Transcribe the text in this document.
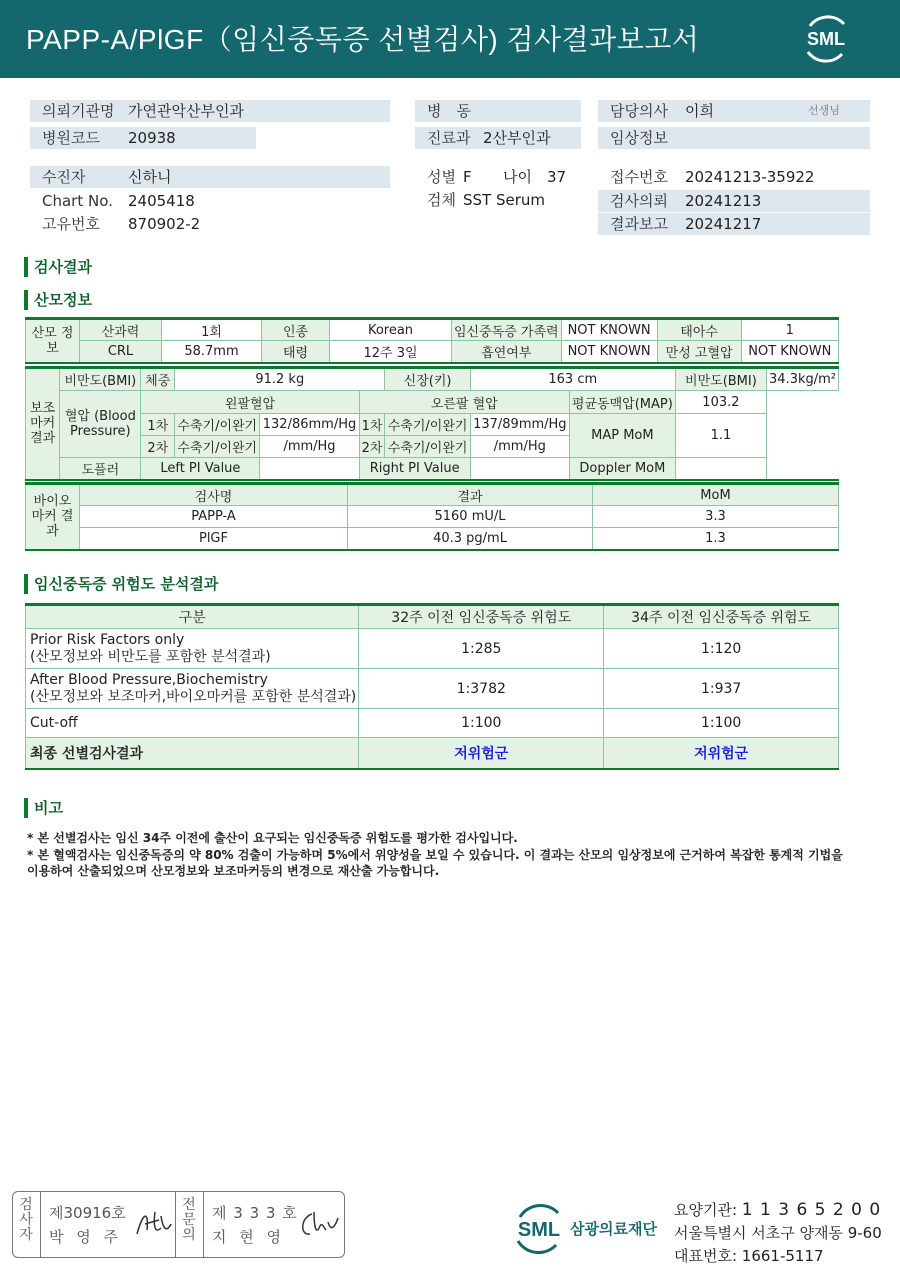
PAPP-A/PlGF（임신중독증 선별검사) 검사결과보고서	SML
의뢰기관명 가연관악산부인과
병원코드 20938
병　동
진료과 2산부인과
담당의사 이희	선생님
임상정보
수진자	신하니
Chart No. 2405418
고유번호 870902-2
성별 F 나이 37
검체 SST Serum
접수번호 20241213-35922
검사의뢰 20241213
결과보고 20241217
검사결과
산모정보
산모 정보	산과력	1회	인종	Korean	임신중독증 가족력	NOT KNOWN	태아수	1
	CRL	58.7mm	태령	12주 3일	흡연여부	NOT KNOWN	만성 고혈압	NOT KNOWN
보조 마커 결과	비만도(BMI)	체중	91.2 kg			신장(키)	163 cm		비만도(BMI)	34.3kg/m²
	혈압 (Blood Pressure)	왼팔혈압			오른팔 혈압			평균동맥압(MAP)	103.2	
		1차	수축기/이완기	132/86mm/Hg	1차	수축기/이완기	137/89mm/Hg	MAP MoM	1.1	
		2차	수축기/이완기	/mm/Hg	2차	수축기/이완기	/mm/Hg			
	도플러	Left PI Value			Right PI Value			Doppler MoM		
바이오 마커 결과	검사명	결과	MoM
	PAPP-A	5160 mU/L	3.3
	PlGF	40.3 pg/mL	1.3
임신중독증 위험도 분석결과
구분	32주 이전 임신중독증 위험도	34주 이전 임신중독증 위험도

Prior Risk Factors only
(산모정보와 비만도를 포함한 분석결과)	1:285	1:120

After Blood Pressure,Biochemistry
(산모정보와 보조마커,바이오마커를 포함한 분석결과)	1:3782	1:937
Cut-off	1:100	1:100
최종 선별검사결과	저위험군	저위험군
비고
* 본 선별검사는 임신 34주 이전에 출산이 요구되는 임신중독증 위험도를 평가한 검사입니다.
* 본 혈액검사는 임신중독증의 약 80% 검출이 가능하며 5%에서 위양성을 보일 수 있습니다. 이 결과는 산모의 임상정보에 근거하여 복잡한 통계적 기법을 이용하여 산출되었으며 산모정보와 보조마커등의 변경으로 재산출 가능합니다.
검사자
제30916호
박 영 주
전문의
제 3 3 3 호
지 현 영	SML 삼광의료재단
요양기관: 1 1 3 6 5 2 0 0
서울특별시 서초구 양재동 9-60
대표번호: 1661-5117
